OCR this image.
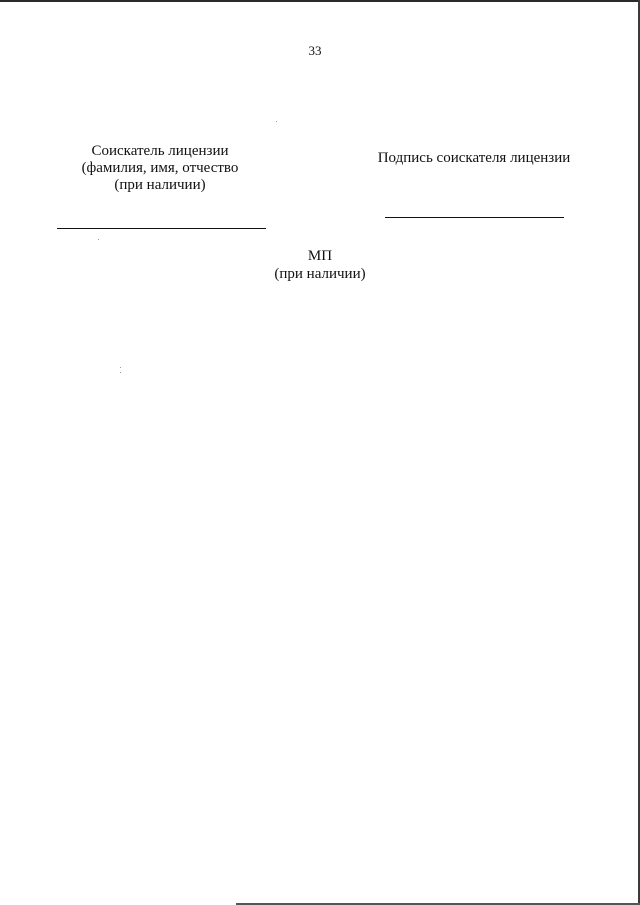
33
Соискатель лицензии
(фамилия, имя, отчество
(при наличии)
Подпись соискателя лицензии
МП
(при наличии)
